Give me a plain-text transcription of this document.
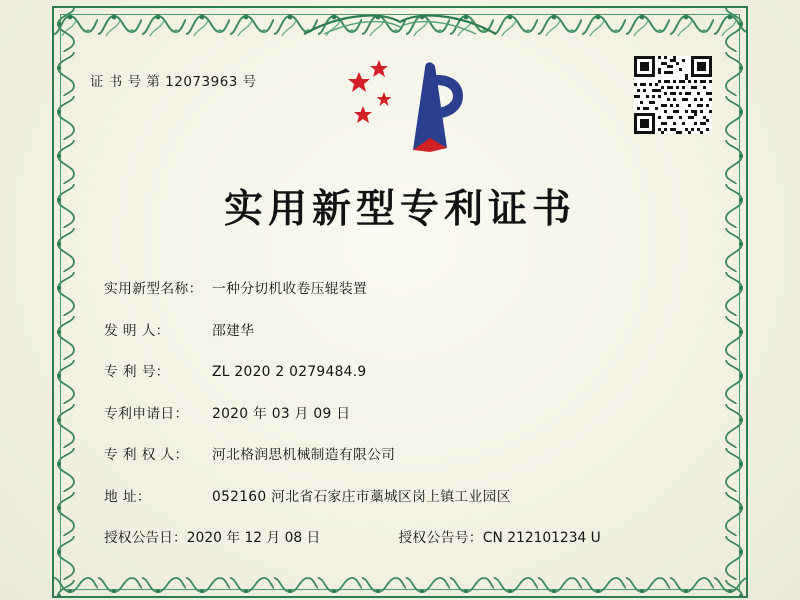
证 书 号 第 12073963 号
实用新型专利证书
实用新型名称： 一种分切机收卷压辊装置
发 明 人：	邵建华
专 利 号：	ZL 2020 2 0279484.9
专利申请日：	2020 年 03 月 09 日
专 利 权 人：	河北格润思机械制造有限公司
地 址：	052160 河北省石家庄市藁城区岗上镇工业园区
授权公告日： 2020 年 12 月 08 日	授权公告号： CN 212101234 U
